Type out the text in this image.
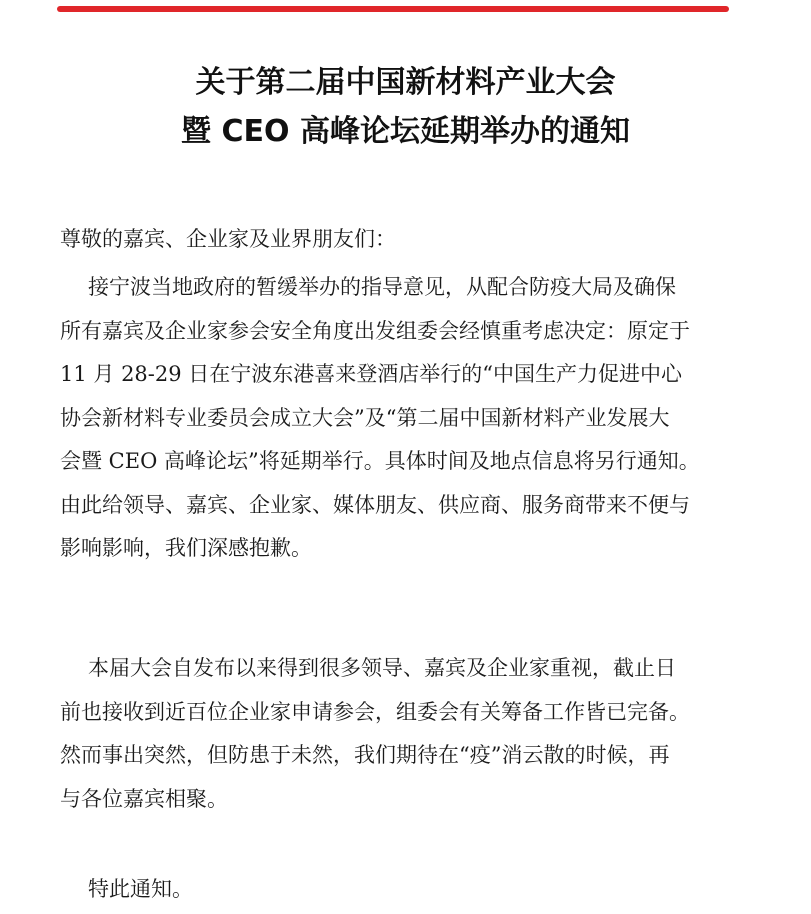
关于第二届中国新材料产业大会
暨 CEO 高峰论坛延期举办的通知

尊敬的嘉宾、企业家及业界朋友们：

接宁波当地政府的暂缓举办的指导意见，从配合防疫大局及确保
所有嘉宾及企业家参会安全角度出发组委会经慎重考虑决定：原定于
11 月 28-29 日在宁波东港喜来登酒店举行的“中国生产力促进中心
协会新材料专业委员会成立大会”及“第二届中国新材料产业发展大
会暨 CEO 高峰论坛”将延期举行。具体时间及地点信息将另行通知。
由此给领导、嘉宾、企业家、媒体朋友、供应商、服务商带来不便与
影响影响，我们深感抱歉。
本届大会自发布以来得到很多领导、嘉宾及企业家重视，截止日
前也接收到近百位企业家申请参会，组委会有关筹备工作皆已完备。
然而事出突然，但防患于未然，我们期待在“疫”消云散的时候，再
与各位嘉宾相聚。

特此通知。
